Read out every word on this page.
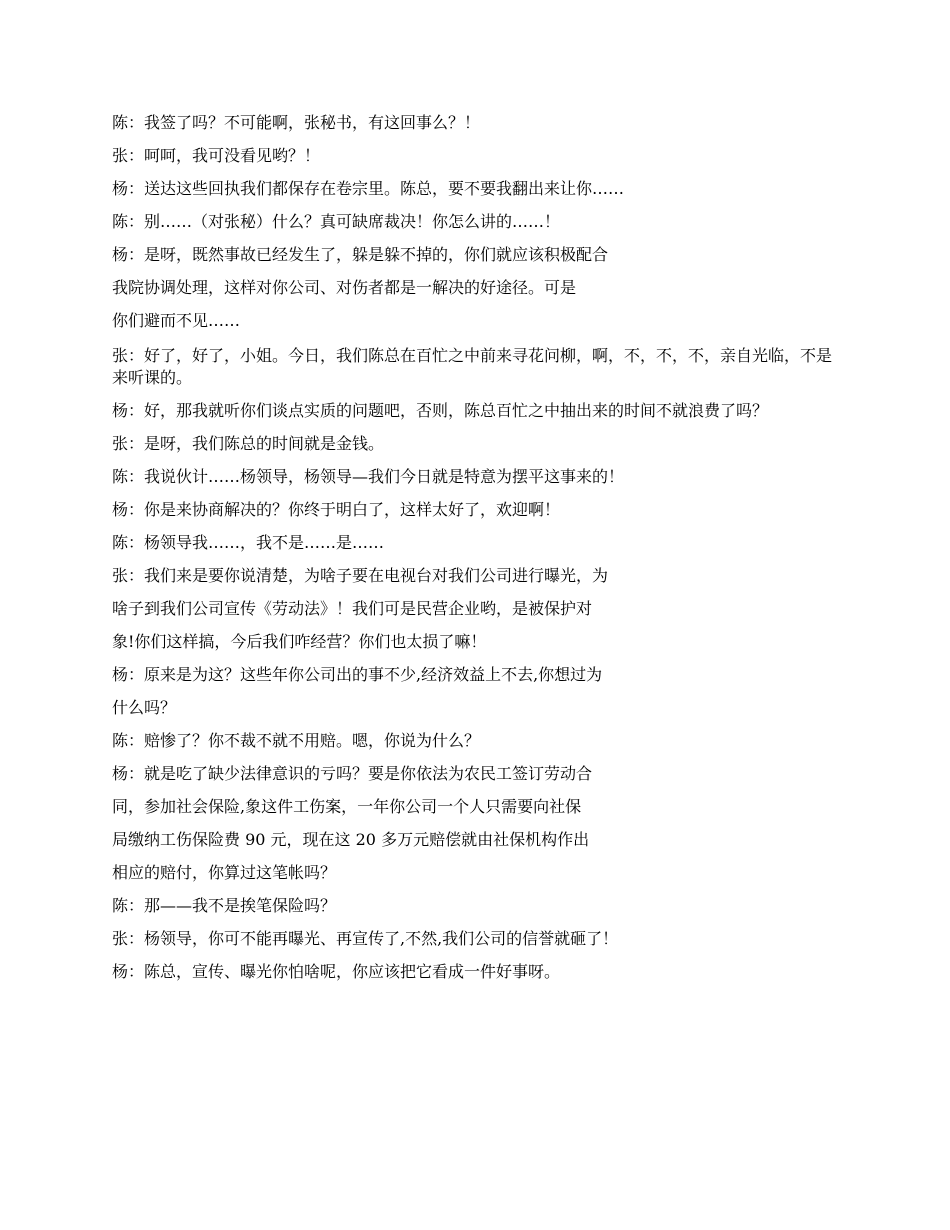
陈：我签了吗？不可能啊，张秘书，有这回事么？！

张：呵呵，我可没看见哟？！

杨：送达这些回执我们都保存在卷宗里。陈总，要不要我翻出来让你……

陈：别……（对张秘）什么？真可缺席裁决！你怎么讲的……！

杨：是呀，既然事故已经发生了，躲是躲不掉的，你们就应该积极配合

我院协调处理，这样对你公司、对伤者都是一解决的好途径。可是

你们避而不见……

张：好了，好了，小姐。今日，我们陈总在百忙之中前来寻花问柳，啊，不，不，不，亲自光临，不是来听课的。

杨：好，那我就听你们谈点实质的问题吧，否则，陈总百忙之中抽出来的时间不就浪费了吗？

张：是呀，我们陈总的时间就是金钱。

陈：我说伙计……杨领导，杨领导—我们今日就是特意为摆平这事来的！

杨：你是来协商解决的？你终于明白了，这样太好了，欢迎啊！

陈：杨领导我……，我不是……是……

张：我们来是要你说清楚，为啥子要在电视台对我们公司进行曝光，为

啥子到我们公司宣传《劳动法》！我们可是民营企业哟，是被保护对

象!你们这样搞，今后我们咋经营？你们也太损了嘛！

杨：原来是为这？这些年你公司出的事不少,经济效益上不去,你想过为

什么吗？

陈：赔惨了？你不裁不就不用赔。嗯，你说为什么？

杨：就是吃了缺少法律意识的亏吗？要是你依法为农民工签订劳动合

同，参加社会保险,象这件工伤案，一年你公司一个人只需要向社保

局缴纳工伤保险费 90 元，现在这 20 多万元赔偿就由社保机构作出

相应的赔付，你算过这笔帐吗？

陈：那——我不是挨笔保险吗？

张：杨领导，你可不能再曝光、再宣传了,不然,我们公司的信誉就砸了！

杨：陈总，宣传、曝光你怕啥呢，你应该把它看成一件好事呀。
